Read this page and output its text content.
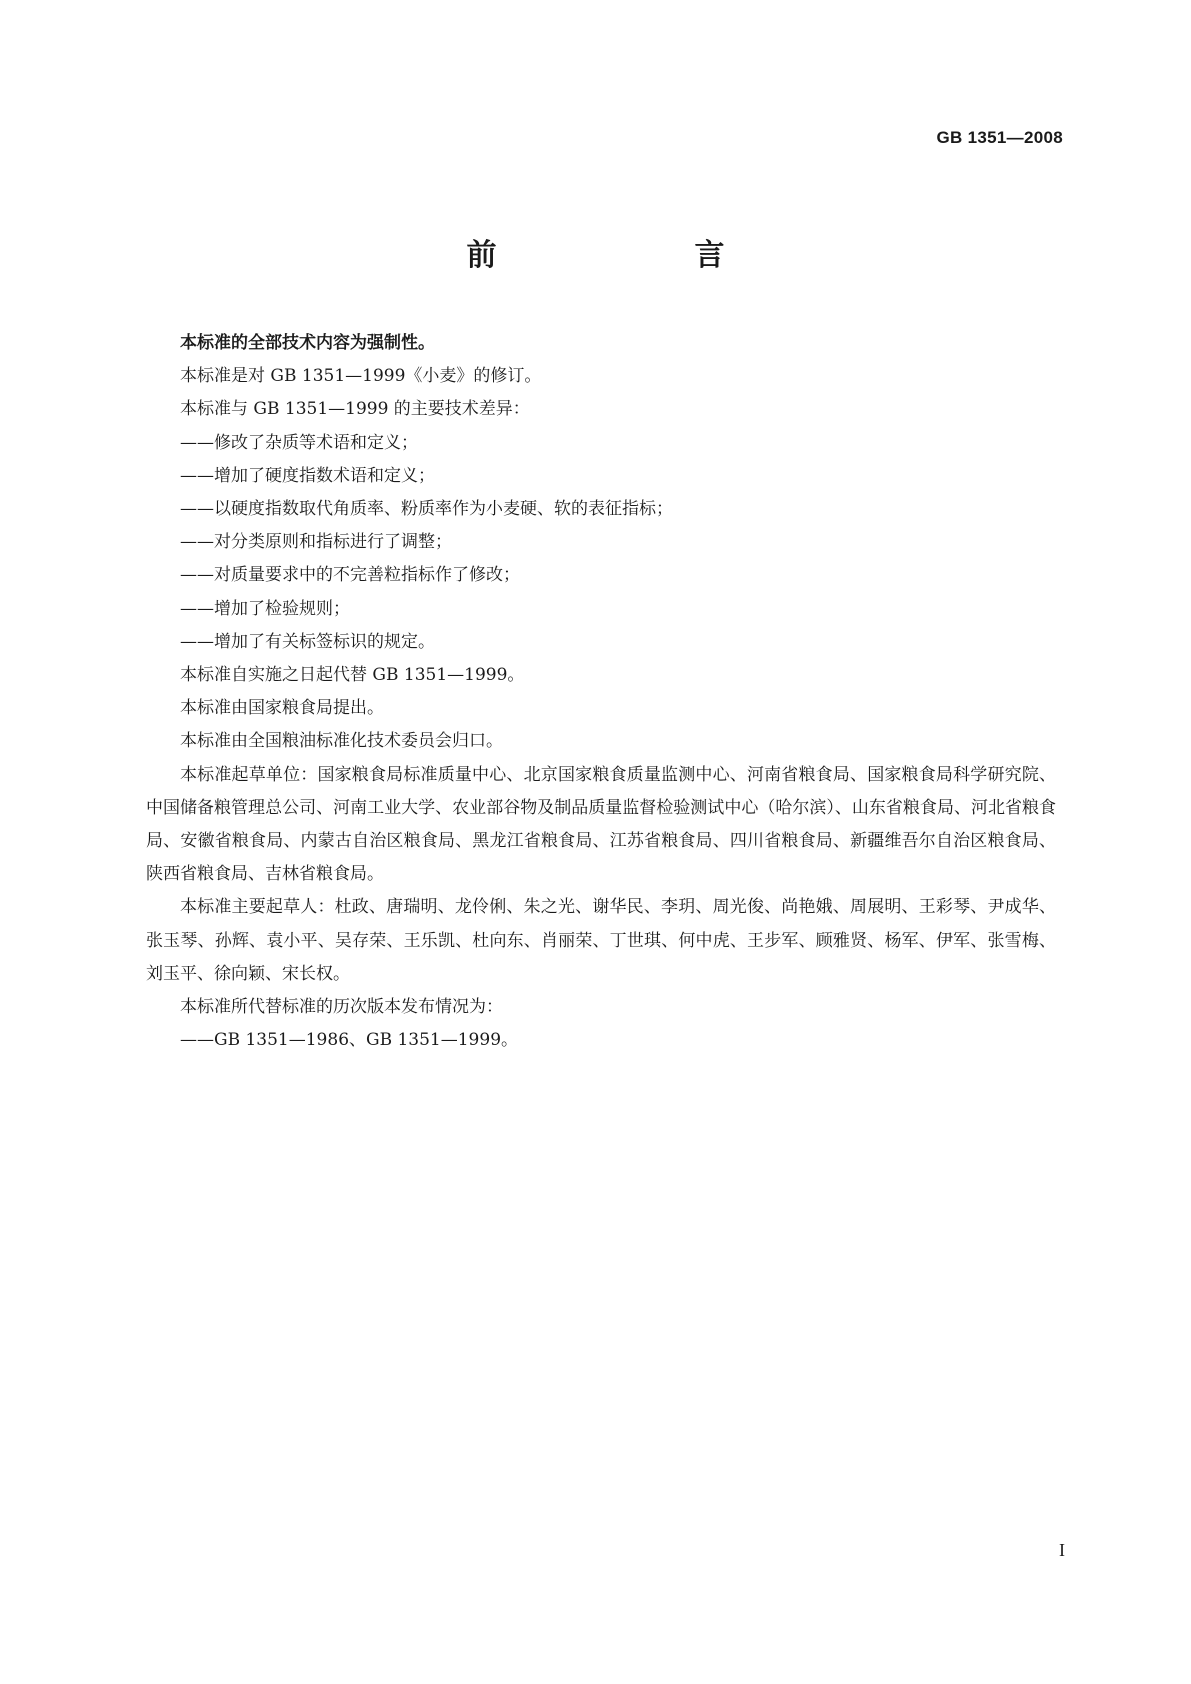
GB 1351—2008
前　　言

本标准的全部技术内容为强制性。

本标准是对 GB 1351—1999《小麦》的修订。

本标准与 GB 1351—1999 的主要技术差异：

——修改了杂质等术语和定义；

——增加了硬度指数术语和定义；

——以硬度指数取代角质率、粉质率作为小麦硬、软的表征指标；

——对分类原则和指标进行了调整；

——对质量要求中的不完善粒指标作了修改；

——增加了检验规则；

——增加了有关标签标识的规定。

本标准自实施之日起代替 GB 1351—1999。

本标准由国家粮食局提出。

本标准由全国粮油标准化技术委员会归口。

本标准起草单位：国家粮食局标准质量中心、北京国家粮食质量监测中心、河南省粮食局、国家粮食局科学研究院、中国储备粮管理总公司、河南工业大学、农业部谷物及制品质量监督检验测试中心（哈尔滨）、山东省粮食局、河北省粮食局、安徽省粮食局、内蒙古自治区粮食局、黑龙江省粮食局、江苏省粮食局、四川省粮食局、新疆维吾尔自治区粮食局、陕西省粮食局、吉林省粮食局。

本标准主要起草人：杜政、唐瑞明、龙伶俐、朱之光、谢华民、李玥、周光俊、尚艳娥、周展明、王彩琴、尹成华、张玉琴、孙辉、袁小平、吴存荣、王乐凯、杜向东、肖丽荣、丁世琪、何中虎、王步军、顾雅贤、杨军、伊军、张雪梅、刘玉平、徐向颖、宋长权。

本标准所代替标准的历次版本发布情况为：

——GB 1351—1986、GB 1351—1999。

I
